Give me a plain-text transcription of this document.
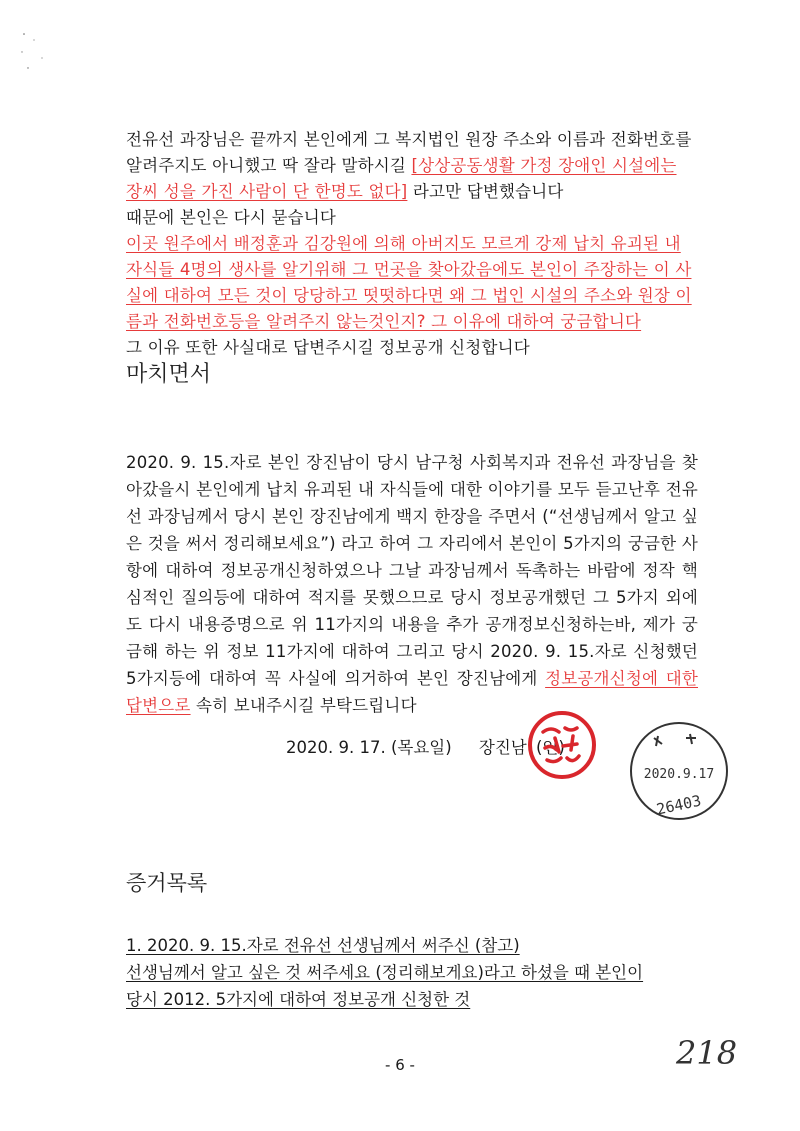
전유선 과장님은 끝까지 본인에게 그 복지법인 원장 주소와 이름과 전화번호를
알려주지도 아니했고 딱 잘라 말하시길 [상상공동생활 가정 장애인 시설에는
장씨 성을 가진 사람이 단 한명도 없다] 라고만 답변했습니다
때문에 본인은 다시 묻습니다
이곳 원주에서 배정훈과 김강원에 의해 아버지도 모르게 강제 납치 유괴된 내 자식들 4명의 생사를 알기위해 그 먼곳을 찾아갔음에도 본인이 주장하는 이 사실에 대하여 모든 것이 당당하고 떳떳하다면 왜 그 법인 시설의 주소와 원장 이름과 전화번호등을 알려주지 않는것인지? 그 이유에 대하여 궁금합니다
그 이유 또한 사실대로 답변주시길 정보공개 신청합니다

마치면서

2020. 9. 15.자로 본인 장진남이 당시 남구청 사회복지과 전유선 과장님을 찾아갔을시 본인에게 납치 유괴된 내 자식들에 대한 이야기를 모두 듣고난후 전유선 과장님께서 당시 본인 장진남에게 백지 한장을 주면서 (“선생님께서 알고 싶은 것을 써서 정리해보세요”) 라고 하여 그 자리에서 본인이 5가지의 궁금한 사항에 대하여 정보공개신청하였으나 그날 과장님께서 독촉하는 바람에 정작 핵심적인 질의등에 대하여 적지를 못했으므로 당시 정보공개했던 그 5가지 외에도 다시 내용증명으로 위 11가지의 내용을 추가 공개정보신청하는바, 제가 궁금해 하는 위 정보 11가지에 대하여 그리고 당시 2020. 9. 15.자로 신청했던 5가지등에 대하여 꼭 사실에 의거하여 본인 장진남에게 정보공개신청에 대한 답변으로 속히 보내주시길 부탁드립니다

2020. 9. 17. (목요일) 장진남 (인)
2020.9.17
26403
증거목록
1. 2020. 9. 15.자로 전유선 선생님께서 써주신 (참고)
선생님께서 알고 싶은 것 써주세요 (정리해보게요)라고 하셨을 때 본인이
당시 2012. 5가지에 대하여 정보공개 신청한 것
- 6 -	218
